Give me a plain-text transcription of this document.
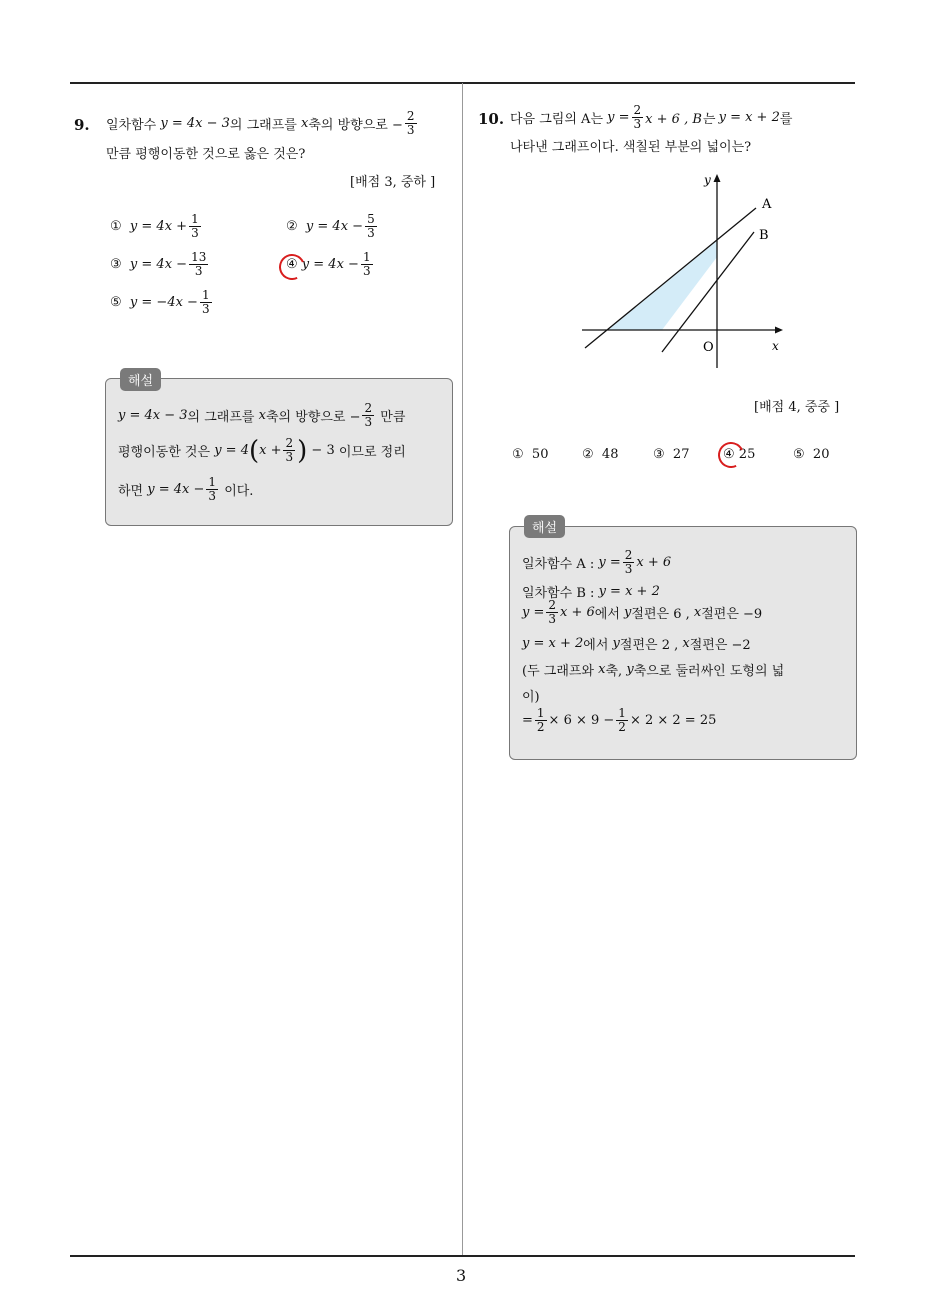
3
9. 일차함수
y = 4x − 3 의 그래프를
x 축의 방향으로 − $\frac{2}{3}$
만큼 평행이동한 것으로 옳은 것은?
[배점 3, 중하 ]
①
$y = 4x + \frac{1}{3}$	②
$y = 4x - \frac{5}{3}$
③
$y = 4x - \frac{13}{3}$	④
$y = 4x - \frac{1}{3}$
⑤
$y = -4x - \frac{1}{3}$
해설
y = 4x − 3 의 그래프를
x 축의 방향으로 − $\frac{2}{3}$
만큼
평행이동한 것은
y = 4 ( $x + \frac{2}{3}$ )
− 3
이므로 정리
하면
$y = 4x - \frac{1}{3}$
이다.
10. 다음 그림의 A는
$y = \frac{2}{3}$ x + 6 , B는
y = x + 2 를
나타낸 그래프이다. 색칠된 부분의 넓이는?
y
x
O
A
B
[배점 4, 중중 ]
①
50	②
48	③
27	④
25	⑤
20
해설
일차함수 A :
$y = \frac{2}{3}$ x + 6
일차함수 B :
y = x + 2
$y = \frac{2}{3}$ x + 6 에서
y 절편은 6 ,
x 절편은 −9
y = x + 2 에서
y 절편은 2 ,
x 절편은 −2
(두 그래프와
x 축,
y 축으로 둘러싸인 도형의 넓
이)
= $\frac{1}{2} \times 6 \times 9 - \frac{1}{2} \times 2 \times 2 = 25$
